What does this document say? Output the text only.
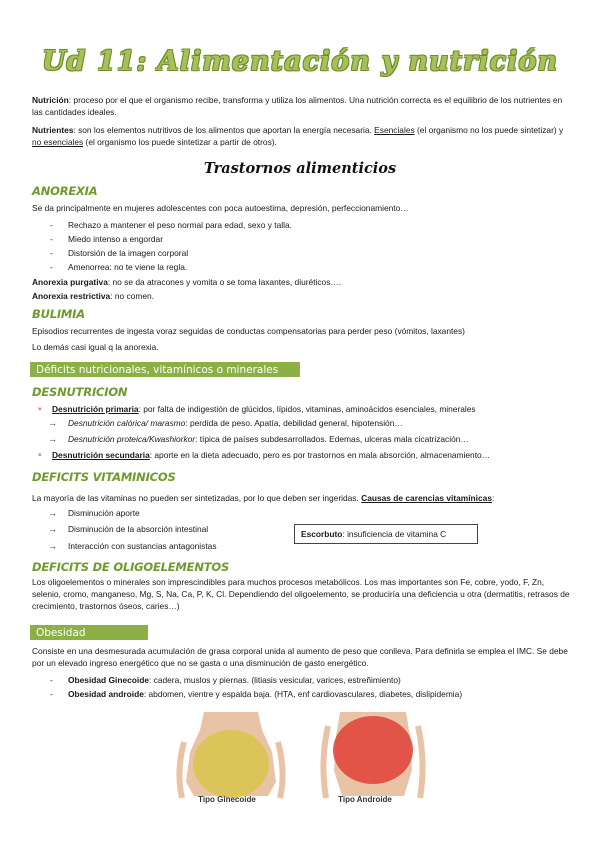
Ud 11: Alimentación y nutrición
Nutrición: proceso por el que el organismo recibe, transforma y utiliza los alimentos. Una nutrición correcta es el equilibrio de los nutrientes en las cantidades ideales.
Nutrientes: son los elementos nutritivos de los alimentos que aportan la energía necesaria. Esenciales (el organismo no los puede sintetizar) y no esenciales (el organismo los puede sintetizar a partir de otros).
Trastornos alimenticios
ANOREXIA
Se da principalmente en mujeres adolescentes con poca autoestima, depresión, perfeccionamiento…
- Rechazo a mantener el peso normal para edad, sexo y talla.
- Miedo intenso a engordar
- Distorsión de la imagen corporal
- Amenorrea: no te viene la regla.
Anorexia purgativa: no se da atracones y vomita o se toma laxantes, diuréticos….
Anorexia restrictiva: no comen.
BULIMIA
Episodios recurrentes de ingesta voraz seguidas de conductas compensatorias para perder peso (vómitos, laxantes)
Lo demás casi igual q la anorexia.
Déficits nutricionales, vitamínicos o minerales
DESNUTRICION
▪ Desnutrición primaria: por falta de indigestión de glúcidos, lípidos, vitaminas, aminoácidos esenciales, minerales
→ Desnutrición calórica/ marasmo: perdida de peso. Apatía, debilidad general, hipotensión…
→ Desnutrición proteica/Kwashiorkor: típica de países subdesarrollados. Edemas, ulceras mala cicatrización…
▪ Desnutrición secundaria: aporte en la dieta adecuado, pero es por trastornos en mala absorción, almacenamiento…
DEFICITS VITAMINICOS
La mayoría de las vitaminas no pueden ser sintetizadas, por lo que deben ser ingeridas. Causas de carencias vitamínicas:
→ Disminución aporte
→ Disminución de la absorción intestinal
→ Interacción con sustancias antagonistas
Escorbuto: insuficiencia de vitamina C
DEFICITS DE OLIGOELEMENTOS
Los oligoelementos o minerales son imprescindibles para muchos procesos metabólicos. Los mas importantes son Fe, cobre, yodo, F, Zn, selenio, cromo, manganeso, Mg, S, Na, Ca, P, K, Cl. Dependiendo del oligoelemento, se produciría una deficiencia u otra (dermatitis, retrasos de crecimiento, trastornos óseos, caries…)
Obesidad
Consiste en una desmesurada acumulación de grasa corporal unida al aumento de peso que conlleva. Para definirla se emplea el IMC. Se debe por un elevado ingreso energético que no se gasta o una disminución de gasto energético.
- Obesidad Ginecoide: cadera, muslos y piernas. (litiasis vesicular, varices, estreñimiento)
- Obesidad androide: abdomen, vientre y espalda baja. (HTA, enf cardiovasculares, diabetes, dislipidemia)
Tipo Ginecoide	Tipo Androide
